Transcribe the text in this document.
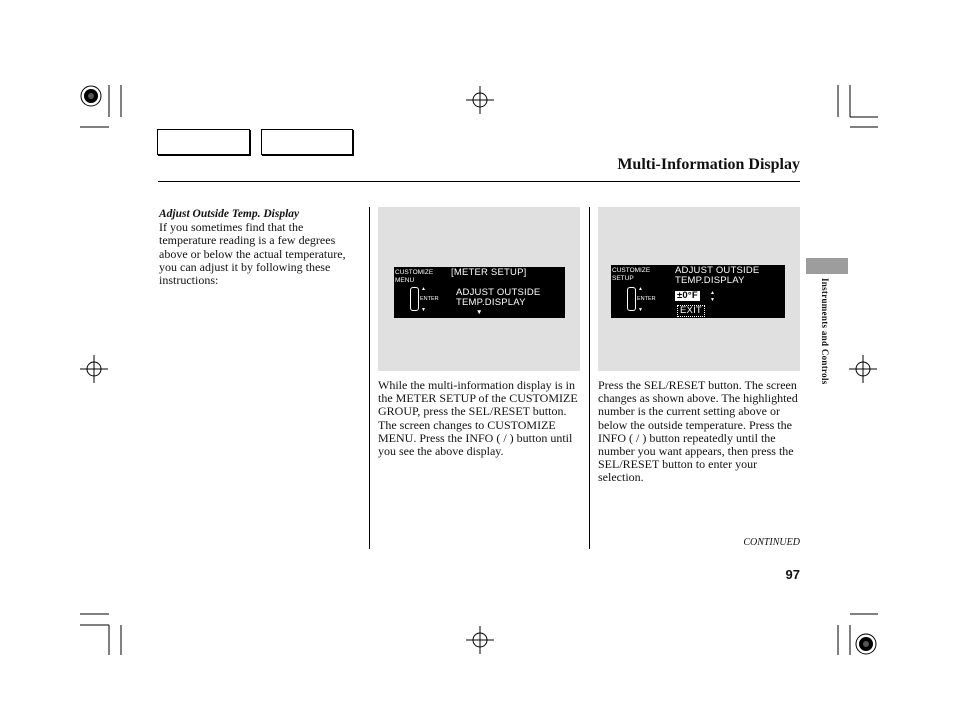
Multi-Information Display
Adjust Outside Temp. Display
If you sometimes find that the temperature reading is a few degrees above or below the actual temperature, you can adjust it by following these instructions:
CUSTOMIZE
MENU
▲
ENTER
▼
[METER SETUP]
ADJUST OUTSIDE
TEMP.DISPLAY
▼
CUSTOMIZE
SETUP
▲
ENTER
▼
ADJUST OUTSIDE
TEMP.DISPLAY
±0°F	▲
▼
EXIT
While the multi-information display is in the METER SETUP of the CUSTOMIZE GROUP, press the SEL/RESET button. The screen changes to CUSTOMIZE MENU. Press the INFO ( / ) button until you see the above display.
Press the SEL/RESET button. The screen changes as shown above. The highlighted number is the current setting above or below the outside temperature. Press the INFO ( / ) button repeatedly until the number you want appears, then press the SEL/RESET button to enter your selection.
Instruments and Controls
CONTINUED
97
